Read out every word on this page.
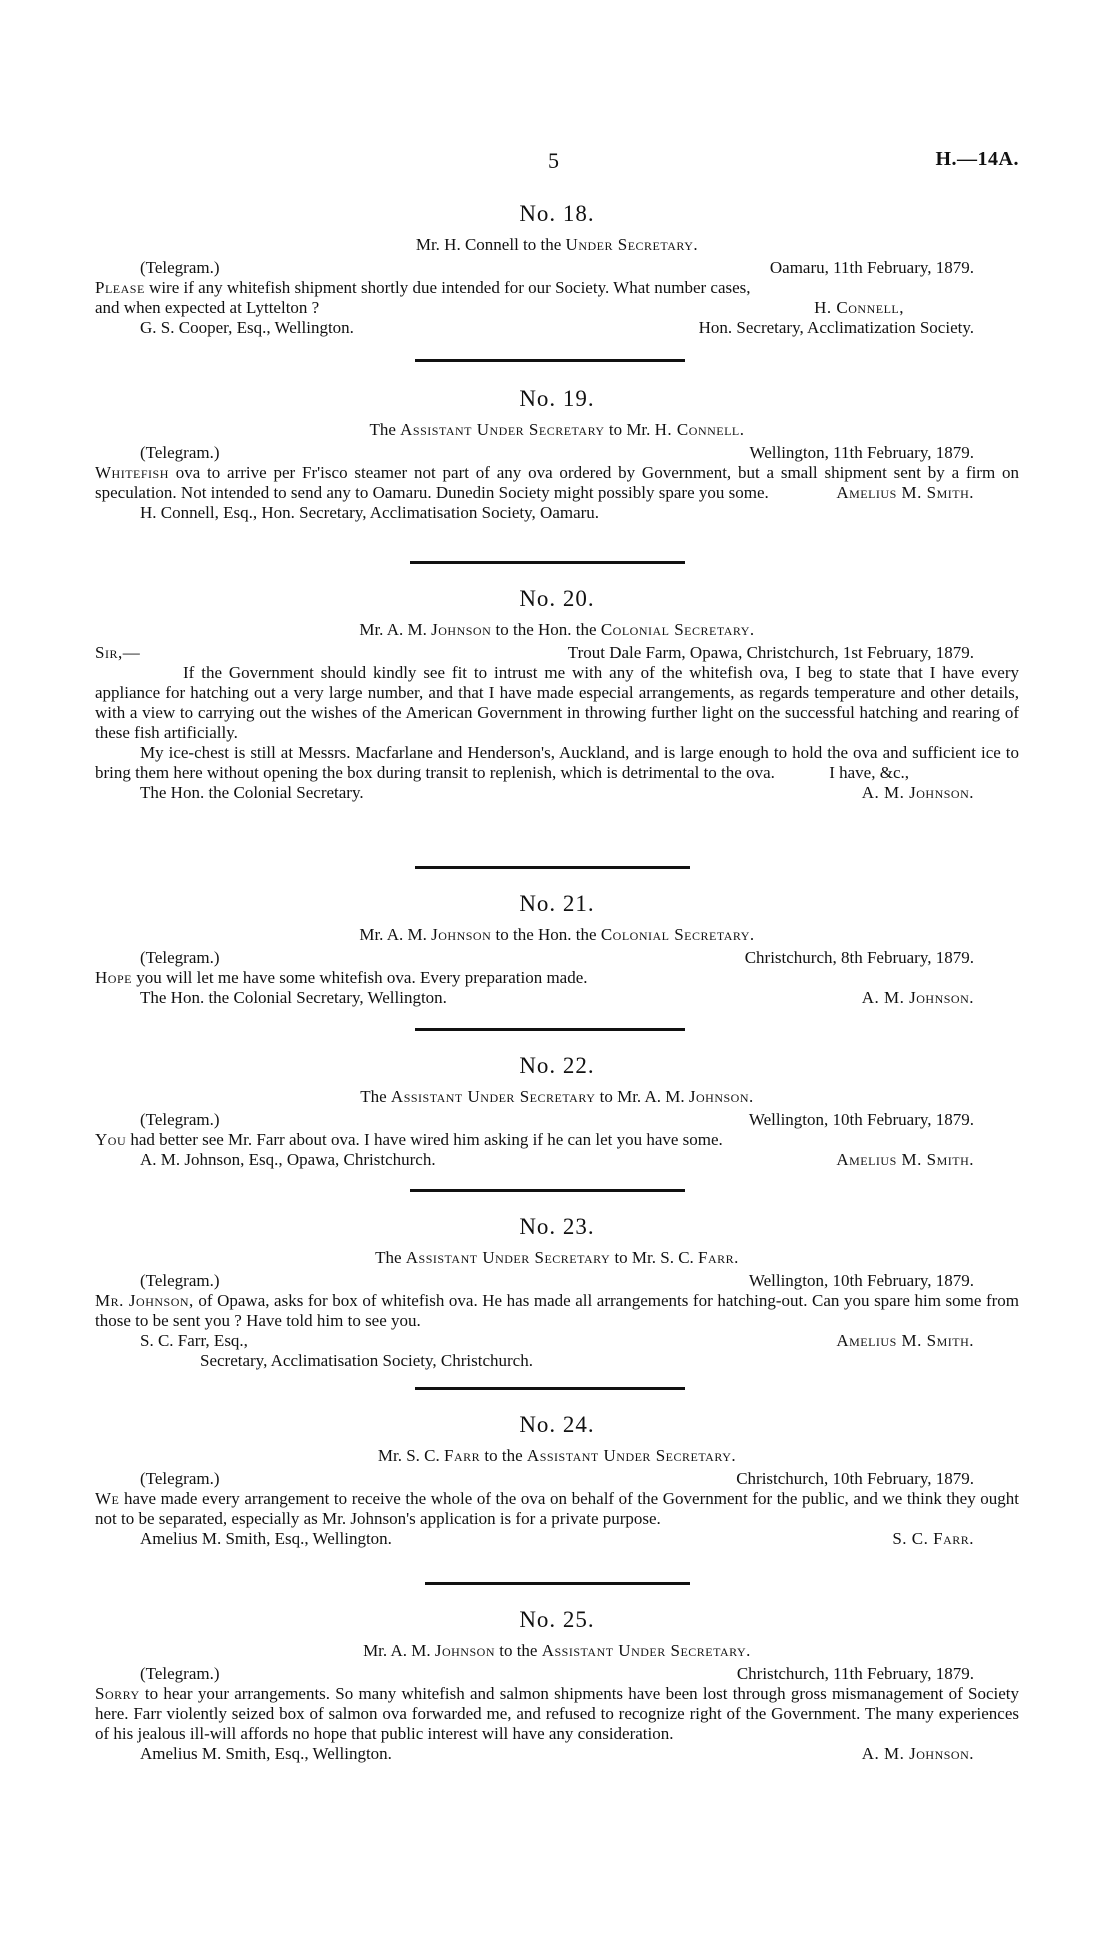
5	H.—14A.
No. 18.
Mr. H. Connell to the Under Secretary.
(Telegram.)	Oamaru, 11th February, 1879.
Please wire if any whitefish shipment shortly due intended for our Society. What number cases,
and when expected at Lyttelton ?	H. Connell,
G. S. Cooper, Esq., Wellington.	Hon. Secretary, Acclimatization Society.
No. 19.
The Assistant Under Secretary to Mr. H. Connell.
(Telegram.)	Wellington, 11th February, 1879.
Whitefish ova to arrive per Fr'isco steamer not part of any ova ordered by Government, but a small shipment sent by a firm on speculation. Not intended to send any to Oamaru. Dunedin Society might possibly spare you some.	Amelius M. Smith.
H. Connell, Esq., Hon. Secretary, Acclimatisation Society, Oamaru.
No. 20.
Mr. A. M. Johnson to the Hon. the Colonial Secretary.
Sir,—	Trout Dale Farm, Opawa, Christchurch, 1st February, 1879.
If the Government should kindly see fit to intrust me with any of the whitefish ova, I beg to state that I have every appliance for hatching out a very large number, and that I have made especial arrangements, as regards temperature and other details, with a view to carrying out the wishes of the American Government in throwing further light on the successful hatching and rearing of these fish artificially.
My ice-chest is still at Messrs. Macfarlane and Henderson's, Auckland, and is large enough to hold the ova and sufficient ice to bring them here without opening the box during transit to replenish, which is detrimental to the ova.	I have, &c.,
The Hon. the Colonial Secretary.	A. M. Johnson.
No. 21.
Mr. A. M. Johnson to the Hon. the Colonial Secretary.
(Telegram.)	Christchurch, 8th February, 1879.
Hope you will let me have some whitefish ova. Every preparation made.
The Hon. the Colonial Secretary, Wellington.	A. M. Johnson.
No. 22.
The Assistant Under Secretary to Mr. A. M. Johnson.
(Telegram.)	Wellington, 10th February, 1879.
You had better see Mr. Farr about ova. I have wired him asking if he can let you have some.
A. M. Johnson, Esq., Opawa, Christchurch.	Amelius M. Smith.
No. 23.
The Assistant Under Secretary to Mr. S. C. Farr.
(Telegram.)	Wellington, 10th February, 1879.
Mr. Johnson, of Opawa, asks for box of whitefish ova. He has made all arrangements for hatching-out. Can you spare him some from those to be sent you ? Have told him to see you.
S. C. Farr, Esq.,	Amelius M. Smith.
Secretary, Acclimatisation Society, Christchurch.
No. 24.
Mr. S. C. Farr to the Assistant Under Secretary.
(Telegram.)	Christchurch, 10th February, 1879.
We have made every arrangement to receive the whole of the ova on behalf of the Government for the public, and we think they ought not to be separated, especially as Mr. Johnson's application is for a private purpose.
Amelius M. Smith, Esq., Wellington.	S. C. Farr.
No. 25.
Mr. A. M. Johnson to the Assistant Under Secretary.
(Telegram.)	Christchurch, 11th February, 1879.
Sorry to hear your arrangements. So many whitefish and salmon shipments have been lost through gross mismanagement of Society here. Farr violently seized box of salmon ova forwarded me, and refused to recognize right of the Government. The many experiences of his jealous ill-will affords no hope that public interest will have any consideration.
Amelius M. Smith, Esq., Wellington.	A. M. Johnson.
